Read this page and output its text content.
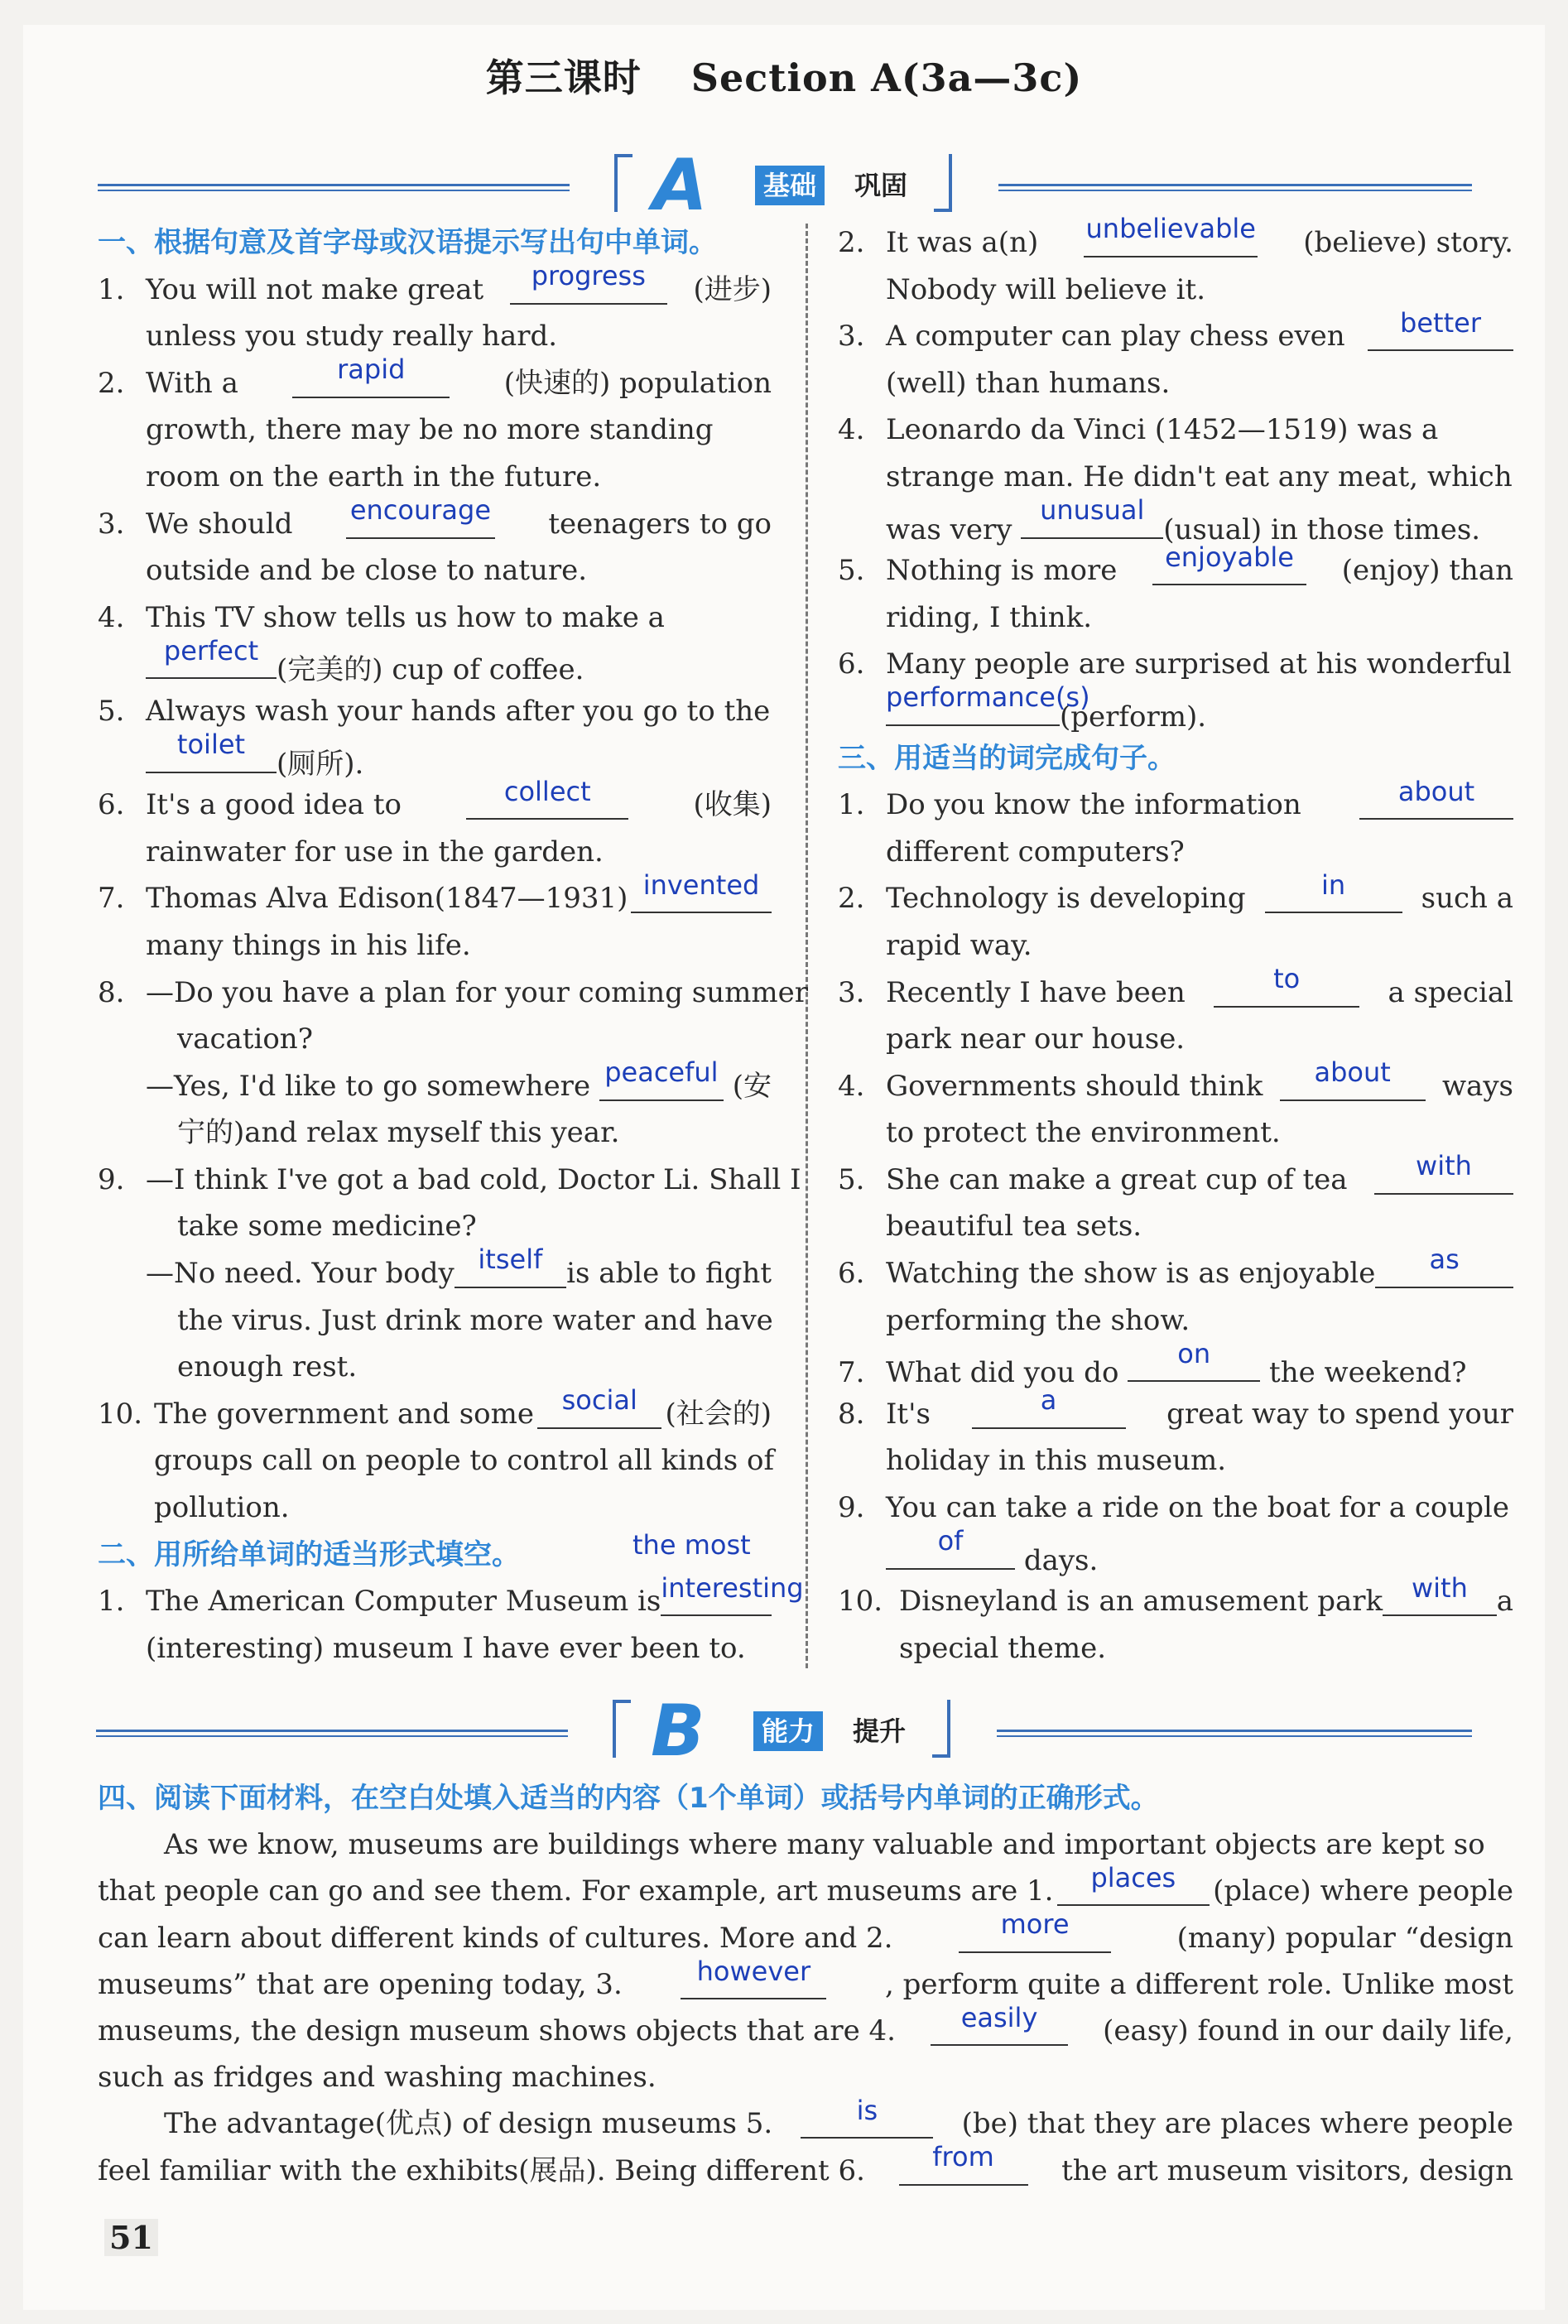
第三课时 Section A(3a—3c)
A	基础	巩固
一、根据句意及首字母或汉语提示写出句中单词。
1. You will not make great	progress	(进步)
unless you study really hard.
2. With a	rapid	(快速的) population
growth, there may be no more standing
room on the earth in the future.
3. We should encourage teenagers to go
outside and be close to nature.
4. This TV show tells us how to make a
perfect
(完美的) cup of coffee.
5. Always wash your hands after you go to the
toilet
(厕所).
6. It's a good idea to	collect	(收集)
rainwater for use in the garden.
7. Thomas Alva Edison(1847—1931) invented
many things in his life.
8. —Do you have a plan for your coming summer
vacation?
—Yes, I'd like to go somewhere peaceful (安
宁的)and relax myself this year.
9. —I think I've got a bad cold, Doctor Li. Shall I
take some medicine?
—No need. Your body itself is able to fight
the virus. Just drink more water and have
enough rest.
10. The government and some	social (社会的)
groups call on people to control all kinds of
pollution.
二、用所给单词的适当形式填空。	the most
1. The American Computer Museum is interesting
(interesting) museum I have ever been to.
2. It was a(n) unbelievable (believe) story.
Nobody will believe it.
3. A computer can play chess even	better
(well) than humans.
4. Leonardo da Vinci (1452—1519) was a
strange man. He didn't eat any meat, which
was very
unusual
(usual) in those times.
5. Nothing is more	enjoyable	(enjoy) than
riding, I think.
6. Many people are surprised at his wonderful
performance(s)
(perform).
三、用适当的词完成句子。
1. Do you know the information	about
different computers?
2. Technology is developing	in	such a
rapid way.
3. Recently I have been	to	a special
park near our house.
4. Governments should think	about	ways
to protect the environment.
5. She can make a great cup of tea	with
beautiful tea sets.
6. Watching the show is as enjoyable	as
performing the show.
7. What did you do
on
the weekend?
8. It's	a	great way to spend your
holiday in this museum.
9. You can take a ride on the boat for a couple
of
days.
10. Disneyland is an amusement park	with	a
special theme.
B	能力	提升
四、阅读下面材料，在空白处填入适当的内容（1个单词）或括号内单词的正确形式。
As we know, museums are buildings where many valuable and important objects are kept so
that people can go and see them. For example, art museums are 1.	places	(place) where people
can learn about different kinds of cultures. More and 2.	more	(many) popular “design
museums” that are opening today, 3.	however	, perform quite a different role. Unlike most
museums, the design museum shows objects that are 4.	easily	(easy) found in our daily life,
such as fridges and washing machines.
The advantage(优点) of design museums 5.	is	(be) that they are places where people
feel familiar with the exhibits(展品). Being different 6.	from	the art museum visitors, design
51
